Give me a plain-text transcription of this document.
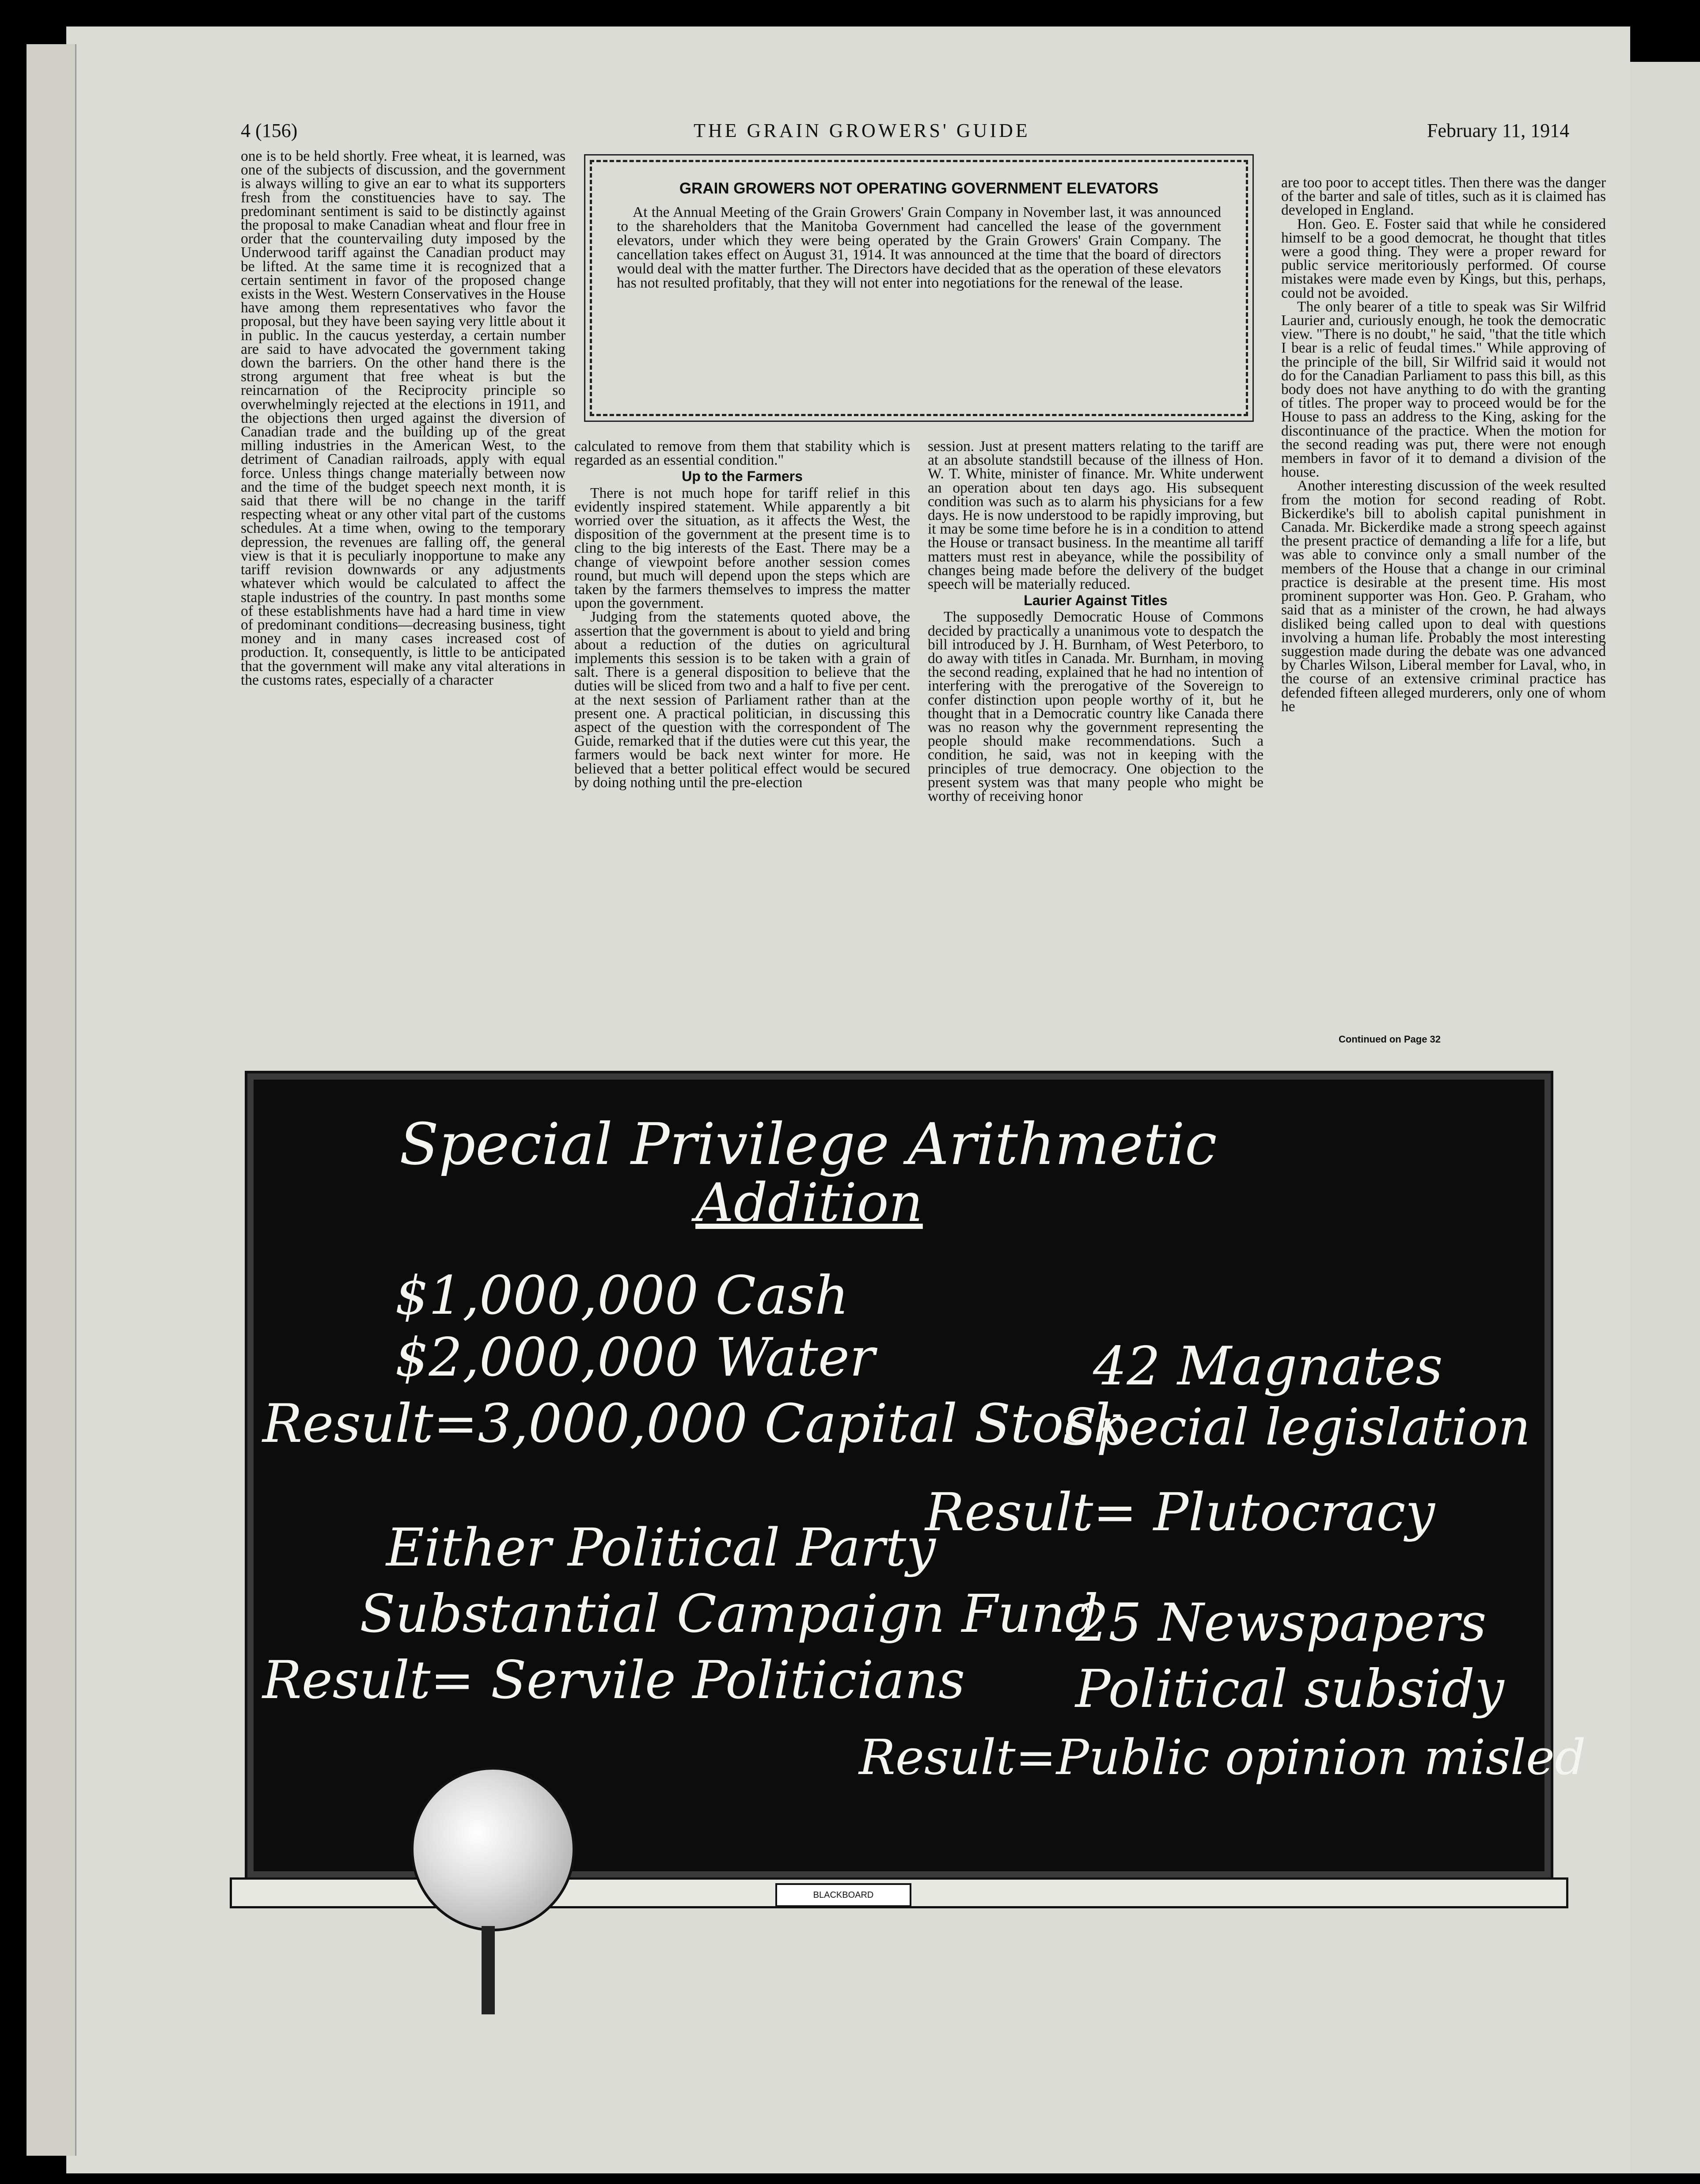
4 (156)	THE GRAIN GROWERS' GUIDE	February 11, 1914

one is to be held shortly. Free wheat, it is learned, was one of the subjects of discussion, and the government is always willing to give an ear to what its supporters fresh from the constituencies have to say. The predominant sentiment is said to be distinctly against the proposal to make Canadian wheat and flour free in order that the countervailing duty imposed by the Underwood tariff against the Canadian product may be lifted. At the same time it is recognized that a certain sentiment in favor of the proposed change exists in the West. Western Conservatives in the House have among them representatives who favor the proposal, but they have been saying very little about it in public. In the caucus yesterday, a certain number are said to have advocated the government taking down the barriers. On the other hand there is the strong argument that free wheat is but the reincarnation of the Reciprocity principle so overwhelmingly rejected at the elections in 1911, and the objections then urged against the diversion of Canadian trade and the building up of the great milling industries in the American West, to the detriment of Canadian railroads, apply with equal force. Unless things change materially between now and the time of the budget speech next month, it is said that there will be no change in the tariff respecting wheat or any other vital part of the customs schedules. At a time when, owing to the temporary depression, the revenues are falling off, the general view is that it is peculiarly inopportune to make any tariff revision downwards or any adjustments whatever which would be calculated to affect the staple industries of the country. In past months some of these establishments have had a hard time in view of predominant conditions—decreasing business, tight money and in many cases increased cost of production. It, consequently, is little to be anticipated that the government will make any vital alterations in the customs rates, especially of a character

GRAIN GROWERS NOT OPERATING GOVERNMENT ELEVATORS

At the Annual Meeting of the Grain Growers' Grain Company in November last, it was announced to the shareholders that the Manitoba Government had cancelled the lease of the government elevators, under which they were being operated by the Grain Growers' Grain Company. The cancellation takes effect on August 31, 1914. It was announced at the time that the board of directors would deal with the matter further. The Directors have decided that as the operation of these elevators has not resulted profitably, that they will not enter into negotiations for the renewal of the lease.

calculated to remove from them that stability which is regarded as an essential condition."

Up to the Farmers

There is not much hope for tariff relief in this evidently inspired statement. While apparently a bit worried over the situation, as it affects the West, the disposition of the government at the present time is to cling to the big interests of the East. There may be a change of viewpoint before another session comes round, but much will depend upon the steps which are taken by the farmers themselves to impress the matter upon the government.

Judging from the statements quoted above, the assertion that the government is about to yield and bring about a reduction of the duties on agricultural implements this session is to be taken with a grain of salt. There is a general disposition to believe that the duties will be sliced from two and a half to five per cent. at the next session of Parliament rather than at the present one. A practical politician, in discussing this aspect of the question with the correspondent of The Guide, remarked that if the duties were cut this year, the farmers would be back next winter for more. He believed that a better political effect would be secured by doing nothing until the pre-election

session. Just at present matters relating to the tariff are at an absolute standstill because of the illness of Hon. W. T. White, minister of finance. Mr. White underwent an operation about ten days ago. His subsequent condition was such as to alarm his physicians for a few days. He is now understood to be rapidly improving, but it may be some time before he is in a condition to attend the House or transact business. In the meantime all tariff matters must rest in abeyance, while the possibility of changes being made before the delivery of the budget speech will be materially reduced.

Laurier Against Titles

The supposedly Democratic House of Commons decided by practically a unanimous vote to despatch the bill introduced by J. H. Burnham, of West Peterboro, to do away with titles in Canada. Mr. Burnham, in moving the second reading, explained that he had no intention of interfering with the prerogative of the Sovereign to confer distinction upon people worthy of it, but he thought that in a Democratic country like Canada there was no reason why the government representing the people should make recommendations. Such a condition, he said, was not in keeping with the principles of true democracy. One objection to the present system was that many people who might be worthy of receiving honor

are too poor to accept titles. Then there was the danger of the barter and sale of titles, such as it is claimed has developed in England.

Hon. Geo. E. Foster said that while he considered himself to be a good democrat, he thought that titles were a good thing. They were a proper reward for public service meritoriously performed. Of course mistakes were made even by Kings, but this, perhaps, could not be avoided.

The only bearer of a title to speak was Sir Wilfrid Laurier and, curiously enough, he took the democratic view. "There is no doubt," he said, "that the title which I bear is a relic of feudal times." While approving of the principle of the bill, Sir Wilfrid said it would not do for the Canadian Parliament to pass this bill, as this body does not have anything to do with the granting of titles. The proper way to proceed would be for the House to pass an address to the King, asking for the discontinuance of the practice. When the motion for the second reading was put, there were not enough members in favor of it to demand a division of the house.

Another interesting discussion of the week resulted from the motion for second reading of Robt. Bickerdike's bill to abolish capital punishment in Canada. Mr. Bickerdike made a strong speech against the present practice of demanding a life for a life, but was able to convince only a small number of the members of the House that a change in our criminal practice is desirable at the present time. His most prominent supporter was Hon. Geo. P. Graham, who said that as a minister of the crown, he had always disliked being called upon to deal with questions involving a human life. Probably the most interesting suggestion made during the debate was one advanced by Charles Wilson, Liberal member for Laval, who, in the course of an extensive criminal practice has defended fifteen alleged murderers, only one of whom he

Continued on Page 32
Special Privilege Arithmetic
Addition
$1,000,000 Cash
$2,000,000 Water
Result=3,000,000 Capital Stock
Either Political Party
Substantial Campaign Fund
Result= Servile Politicians
42 Magnates
Special legislation
Result= Plutocracy
25 Newspapers
Political subsidy
Result=Public opinion misled
BLACKBOARD
